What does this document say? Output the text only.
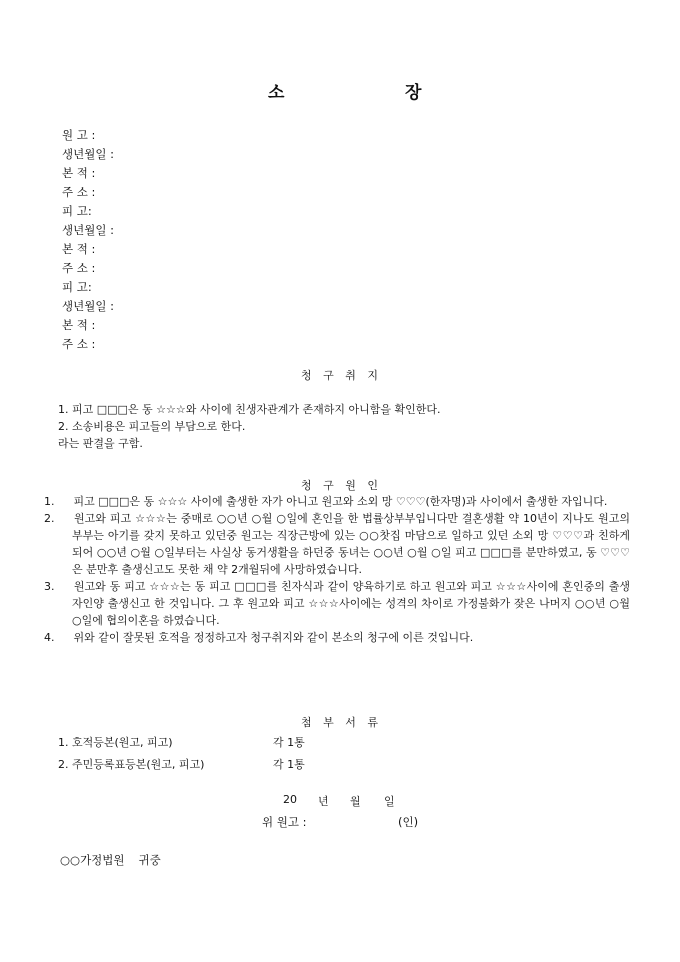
소	장
원 고 :
생년월일 :
본 적 :
주 소 :
피 고:
생년월일 :
본 적 :
주 소 :
피 고:
생년월일 :
본 적 :
주 소 :
청 구 취 지
1. 피고 □□□은 동 ☆☆☆와 사이에 친생자관계가 존재하지 아니함을 확인한다.
2. 소송비용은 피고들의 부담으로 한다.
라는 판결을 구함.
청 구 원 인
1. 피고 □□□은 동 ☆☆☆ 사이에 출생한 자가 아니고 원고와 소외 망 ♡♡♡(한자명)과 사이에서 출생한 자입니다.
2. 원고와 피고 ☆☆☆는 중매로 ○○년 ○월 ○일에 혼인을 한 법률상부부입니다만 결혼생활 약 10년이 지나도 원고의 부부는 아기를 갖지 못하고 있던중 원고는 직장근방에 있는 ○○찻집 마담으로 일하고 있던 소외 망 ♡♡♡과 친하게 되어 ○○년 ○월 ○일부터는 사실상 동거생활을 하던중 동녀는 ○○년 ○월 ○일 피고 □□□를 분만하였고, 동 ♡♡♡은 분만후 출생신고도 못한 채 약 2개월뒤에 사망하였습니다.
3. 원고와 동 피고 ☆☆☆는 동 피고 □□□를 친자식과 같이 양육하기로 하고 원고와 피고 ☆☆☆사이에 혼인중의 출생자인양 출생신고 한 것입니다. 그 후 원고와 피고 ☆☆☆사이에는 성격의 차이로 가정불화가 잦은 나머지 ○○년 ○월 ○일에 협의이혼을 하였습니다.
4. 위와 같이 잘못된 호적을 정정하고자 청구취지와 같이 본소의 청구에 이른 것입니다.
첨 부 서 류
1. 호적등본(원고, 피고)	각 1통
2. 주민등록표등본(원고, 피고)	각 1통
20 년 월 일
위 원고 :	(인)
○○가정법원 귀중
